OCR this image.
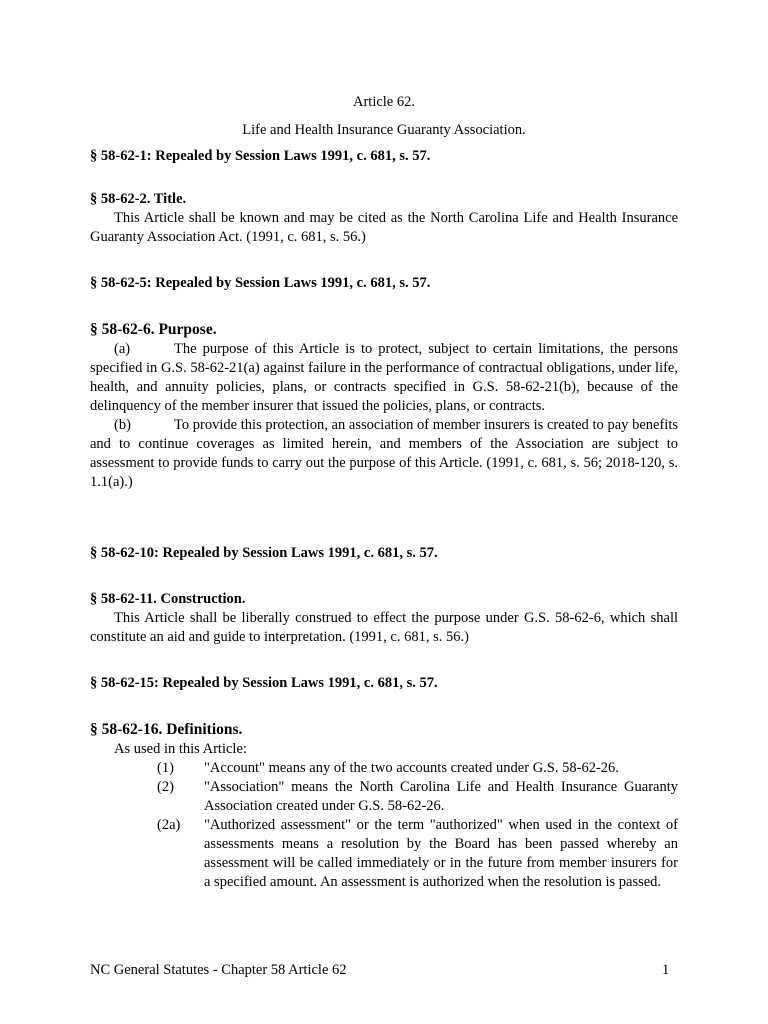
Article 62.
Life and Health Insurance Guaranty Association.
§ 58-62-1: Repealed by Session Laws 1991, c. 681, s. 57.

§ 58-62-2. Title.

This Article shall be known and may be cited as the North Carolina Life and Health Insurance Guaranty Association Act. (1991, c. 681, s. 56.)

§ 58-62-5: Repealed by Session Laws 1991, c. 681, s. 57.

§ 58-62-6. Purpose.

(a)	The purpose of this Article is to protect, subject to certain limitations, the persons specified in G.S. 58-62-21(a) against failure in the performance of contractual obligations, under life, health, and annuity policies, plans, or contracts specified in G.S. 58-62-21(b), because of the delinquency of the member insurer that issued the policies, plans, or contracts.

(b)	To provide this protection, an association of member insurers is created to pay benefits and to continue coverages as limited herein, and members of the Association are subject to assessment to provide funds to carry out the purpose of this Article. (1991, c. 681, s. 56; 2018-120, s. 1.1(a).)

§ 58-62-10: Repealed by Session Laws 1991, c. 681, s. 57.

§ 58-62-11. Construction.

This Article shall be liberally construed to effect the purpose under G.S. 58-62-6, which shall constitute an aid and guide to interpretation. (1991, c. 681, s. 56.)

§ 58-62-15: Repealed by Session Laws 1991, c. 681, s. 57.

§ 58-62-16. Definitions.

As used in this Article:

(1) "Account" means any of the two accounts created under G.S. 58-62-26.
(2) "Association" means the North Carolina Life and Health Insurance Guaranty Association created under G.S. 58-62-26.
(2a) "Authorized assessment" or the term "authorized" when used in the context of assessments means a resolution by the Board has been passed whereby an assessment will be called immediately or in the future from member insurers for a specified amount. An assessment is authorized when the resolution is passed.
NC General Statutes - Chapter 58 Article 62	1
